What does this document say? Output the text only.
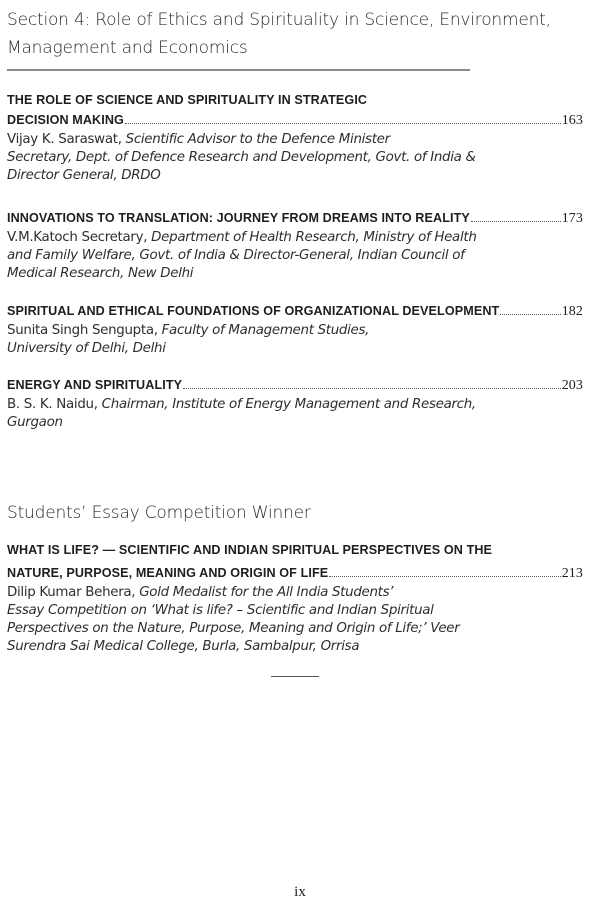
Section 4: Role of Ethics and Spirituality in Science, Environment, Management and Economics
THE ROLE OF SCIENCE AND SPIRITUALITY IN STRATEGIC
DECISION MAKING	163
Vijay K. Saraswat, Scientific Advisor to the Defence Minister
Secretary, Dept. of Defence Research and Development, Govt. of India &
Director General, DRDO
INNOVATIONS TO TRANSLATION: JOURNEY FROM DREAMS INTO REALITY	173
V.M.Katoch Secretary, Department of Health Research, Ministry of Health
and Family Welfare, Govt. of India & Director-General, Indian Council of
Medical Research, New Delhi
SPIRITUAL AND ETHICAL FOUNDATIONS OF ORGANIZATIONAL DEVELOPMENT	182
Sunita Singh Sengupta, Faculty of Management Studies,
University of Delhi, Delhi
ENERGY AND SPIRITUALITY	203
B. S. K. Naidu, Chairman, Institute of Energy Management and Research,
Gurgaon
Students’ Essay Competition Winner
WHAT IS LIFE? — SCIENTIFIC AND INDIAN SPIRITUAL PERSPECTIVES ON THE
NATURE, PURPOSE, MEANING AND ORIGIN OF LIFE	213
Dilip Kumar Behera, Gold Medalist for the All India Students’
Essay Competition on ‘What is life? – Scientific and Indian Spiritual
Perspectives on the Nature, Purpose, Meaning and Origin of Life;’ Veer
Surendra Sai Medical College, Burla, Sambalpur, Orrisa
ix
